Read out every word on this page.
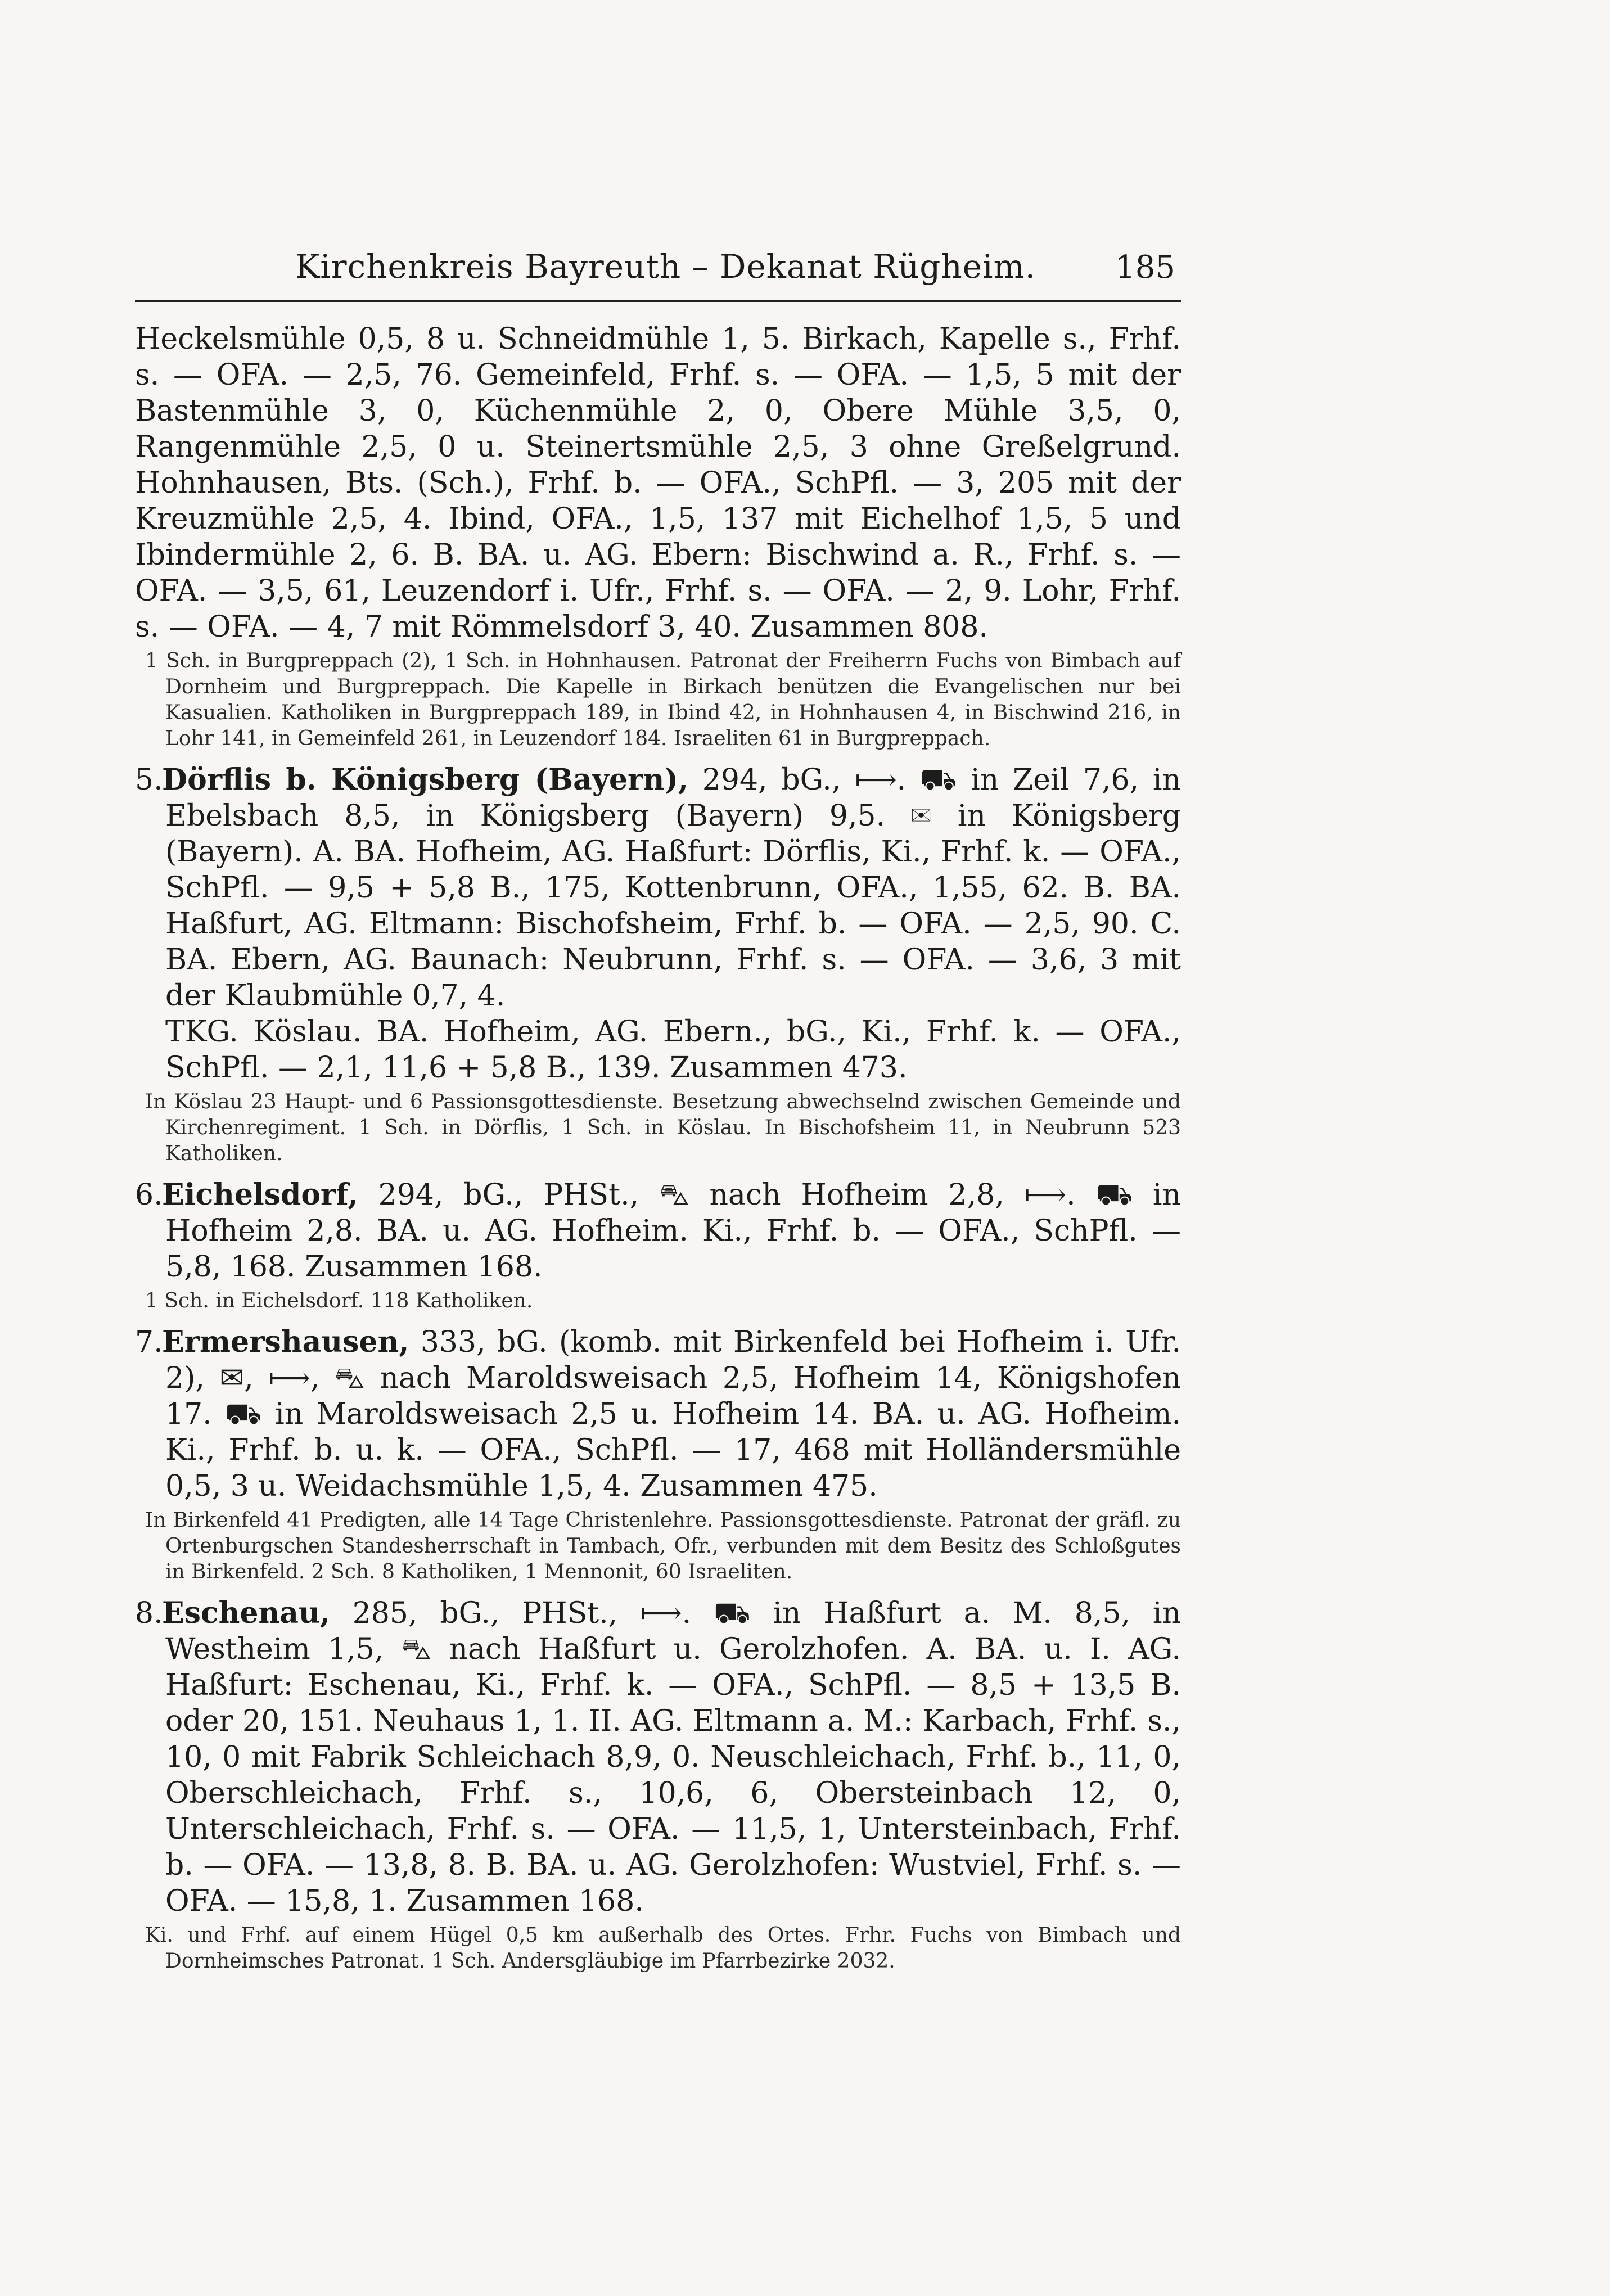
Kirchenkreis Bayreuth – Dekanat Rügheim.	185

Heckelsmühle 0,5, 8 u. Schneidmühle 1, 5. Birkach, Kapelle s., Frhf. s. — OFA. — 2,5, 76. Gemeinfeld, Frhf. s. — OFA. — 1,5, 5 mit der Bastenmühle 3, 0, Küchenmühle 2, 0, Obere Mühle 3,5, 0, Rangenmühle 2,5, 0 u. Steinertsmühle 2,5, 3 ohne Greßelgrund. Hohnhausen, Bts. (Sch.), Frhf. b. — OFA., SchPfl. — 3, 205 mit der Kreuzmühle 2,5, 4. Ibind, OFA., 1,5, 137 mit Eichelhof 1,5, 5 und Ibindermühle 2, 6. B. BA. u. AG. Ebern: Bischwind a. R., Frhf. s. — OFA. — 3,5, 61, Leuzendorf i. Ufr., Frhf. s. — OFA. — 2, 9. Lohr, Frhf. s. — OFA. — 4, 7 mit Römmelsdorf 3, 40. Zusammen 808.

1 Sch. in Burgpreppach (2), 1 Sch. in Hohnhausen. Patronat der Freiherrn Fuchs von Bimbach auf Dornheim und Burgpreppach. Die Kapelle in Birkach benützen die Evangelischen nur bei Kasualien. Katholiken in Burgpreppach 189, in Ibind 42, in Hohnhausen 4, in Bischwind 216, in Lohr 141, in Gemeinfeld 261, in Leuzendorf 184. Israeliten 61 in Burgpreppach.

5.Dörflis b. Königsberg (Bayern), 294, bG., ⟼. ⛟ in Zeil 7,6, in Ebelsbach 8,5, in Königsberg (Bayern) 9,5. ✉ in Königsberg (Bayern). A. BA. Hofheim, AG. Haßfurt: Dörflis, Ki., Frhf. k. — OFA., SchPfl. — 9,5 + 5,8 B., 175, Kottenbrunn, OFA., 1,55, 62. B. BA. Haßfurt, AG. Eltmann: Bischofsheim, Frhf. b. — OFA. — 2,5, 90. C. BA. Ebern, AG. Baunach: Neubrunn, Frhf. s. — OFA. — 3,6, 3 mit der Klaubmühle 0,7, 4.

TKG. Köslau. BA. Hofheim, AG. Ebern., bG., Ki., Frhf. k. — OFA., SchPfl. — 2,1, 11,6 + 5,8 B., 139. Zusammen 473.

In Köslau 23 Haupt- und 6 Passionsgottesdienste. Besetzung abwechselnd zwischen Gemeinde und Kirchenregiment. 1 Sch. in Dörflis, 1 Sch. in Köslau. In Bischofsheim 11, in Neubrunn 523 Katholiken.

6.Eichelsdorf, 294, bG., PHSt., ⛍ nach Hofheim 2,8, ⟼. ⛟ in Hofheim 2,8. BA. u. AG. Hofheim. Ki., Frhf. b. — OFA., SchPfl. — 5,8, 168. Zusammen 168.

1 Sch. in Eichelsdorf. 118 Katholiken.

7.Ermershausen, 333, bG. (komb. mit Birkenfeld bei Hofheim i. Ufr. 2), ✉, ⟼, ⛍ nach Maroldsweisach 2,5, Hofheim 14, Königshofen 17. ⛟ in Maroldsweisach 2,5 u. Hofheim 14. BA. u. AG. Hofheim. Ki., Frhf. b. u. k. — OFA., SchPfl. — 17, 468 mit Holländersmühle 0,5, 3 u. Weidachsmühle 1,5, 4. Zusammen 475.

In Birkenfeld 41 Predigten, alle 14 Tage Christenlehre. Passionsgottesdienste. Patronat der gräfl. zu Ortenburgschen Standesherrschaft in Tambach, Ofr., verbunden mit dem Besitz des Schloßgutes in Birkenfeld. 2 Sch. 8 Katholiken, 1 Mennonit, 60 Israeliten.

8.Eschenau, 285, bG., PHSt., ⟼. ⛟ in Haßfurt a. M. 8,5, in Westheim 1,5, ⛍ nach Haßfurt u. Gerolzhofen. A. BA. u. I. AG. Haßfurt: Eschenau, Ki., Frhf. k. — OFA., SchPfl. — 8,5 + 13,5 B. oder 20, 151. Neuhaus 1, 1. II. AG. Eltmann a. M.: Karbach, Frhf. s., 10, 0 mit Fabrik Schleichach 8,9, 0. Neuschleichach, Frhf. b., 11, 0, Oberschleichach, Frhf. s., 10,6, 6, Obersteinbach 12, 0, Unterschleichach, Frhf. s. — OFA. — 11,5, 1, Untersteinbach, Frhf. b. — OFA. — 13,8, 8. B. BA. u. AG. Gerolzhofen: Wustviel, Frhf. s. — OFA. — 15,8, 1. Zusammen 168.

Ki. und Frhf. auf einem Hügel 0,5 km außerhalb des Ortes. Frhr. Fuchs von Bimbach und Dornheimsches Patronat. 1 Sch. Andersgläubige im Pfarrbezirke 2032.
